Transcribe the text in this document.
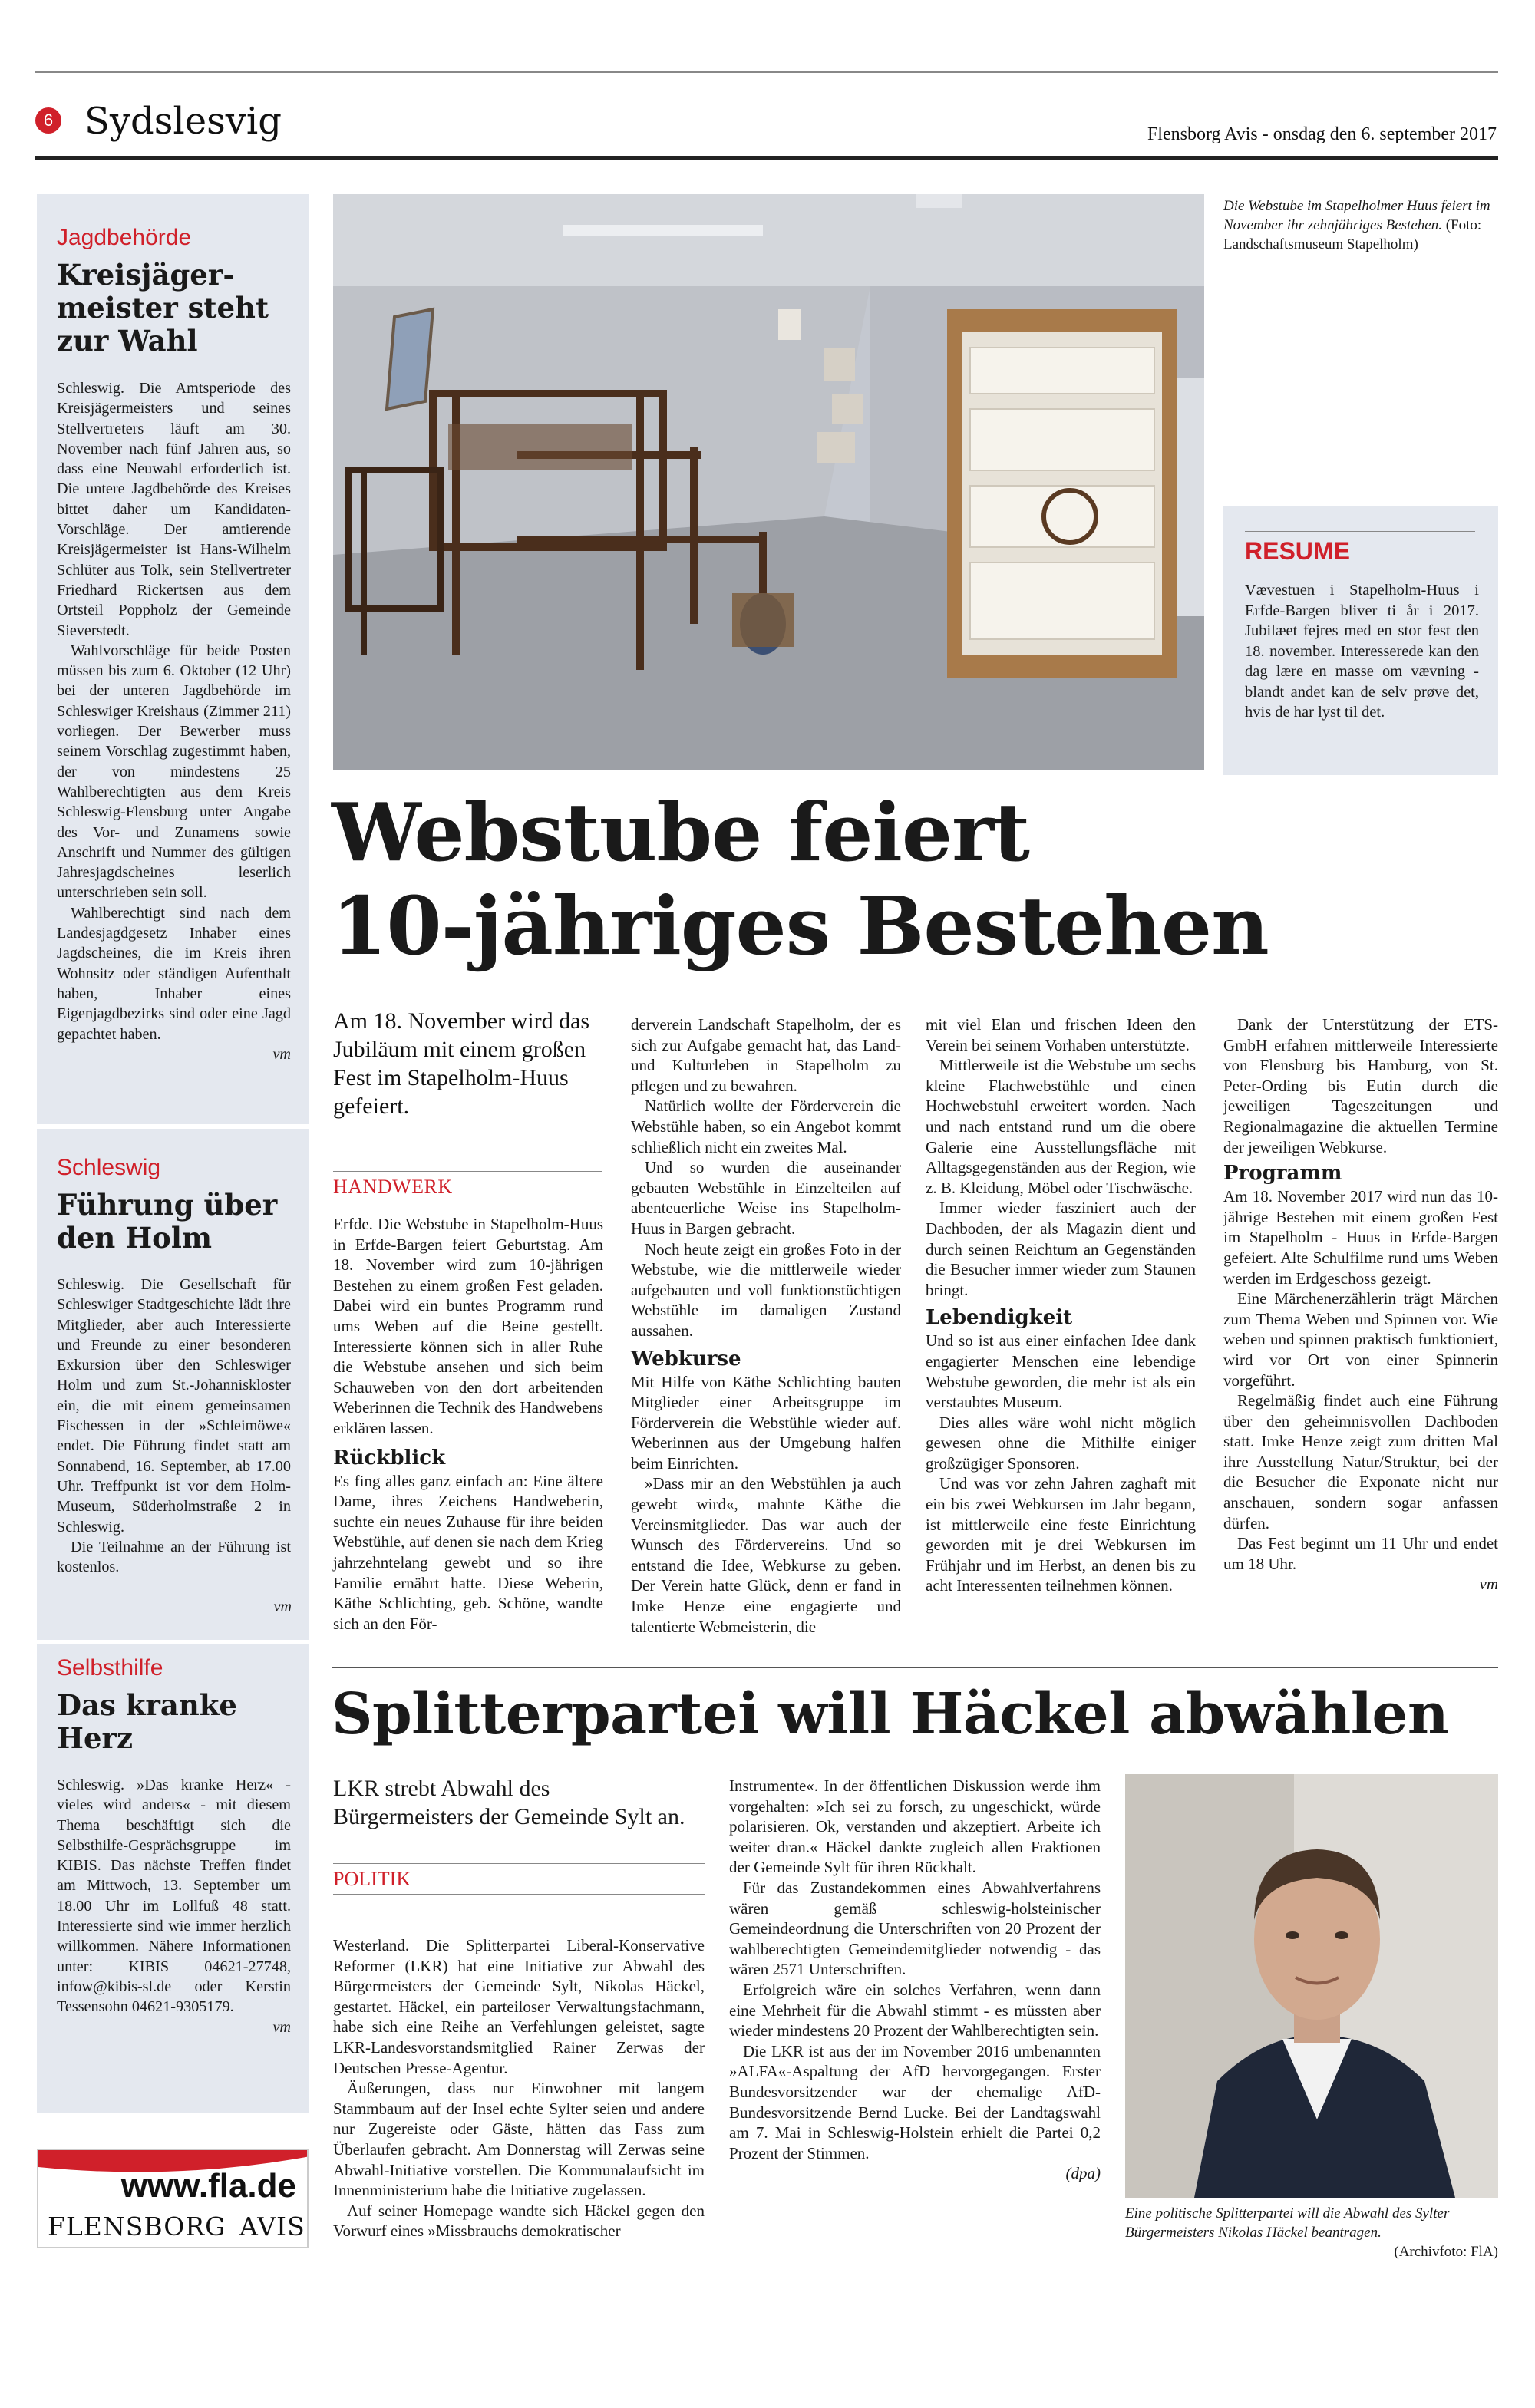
6 Sydslesvig	Flensborg Avis - onsdag den 6. september 2017
Jagdbehörde
Kreisjäger-meister steht zur Wahl
Schleswig. Die Amtsperiode des Kreisjägermeisters und seines Stellvertreters läuft am 30. November nach fünf Jahren aus, so dass eine Neuwahl erforderlich ist. Die untere Jagdbehörde des Kreises bittet daher um Kandidaten-Vorschläge. Der amtierende Kreisjägermeister ist Hans-Wilhelm Schlüter aus Tolk, sein Stellvertreter Friedhard Rickertsen aus dem Ortsteil Poppholz der Gemeinde Sieverstedt.
Wahlvorschläge für beide Posten müssen bis zum 6. Oktober (12 Uhr) bei der unteren Jagdbehörde im Schleswiger Kreishaus (Zimmer 211) vorliegen. Der Bewerber muss seinem Vorschlag zugestimmt haben, der von mindestens 25 Wahlberechtigten aus dem Kreis Schleswig-Flensburg unter Angabe des Vor- und Zunamens sowie Anschrift und Nummer des gültigen Jahresjagdscheines leserlich unterschrieben sein soll.
Wahlberechtigt sind nach dem Landesjagdgesetz Inhaber eines Jagdscheines, die im Kreis ihren Wohnsitz oder ständigen Aufenthalt haben, Inhaber eines Eigenjagdbezirks sind oder eine Jagd gepachtet haben.
vm
Schleswig
Führung über den Holm
Schleswig. Die Gesellschaft für Schleswiger Stadtgeschichte lädt ihre Mitglieder, aber auch Interessierte und Freunde zu einer besonderen Exkursion über den Schleswiger Holm und zum St.-Johanniskloster ein, die mit einem gemeinsamen Fischessen in der »Schleimöwe« endet. Die Führung findet statt am Sonnabend, 16. September, ab 17.00 Uhr. Treffpunkt ist vor dem Holm-Museum, Süderholmstraße 2 in Schleswig.
Die Teilnahme an der Führung ist kostenlos.
vm
Selbsthilfe
Das kranke Herz
Schleswig. »Das kranke Herz« - vieles wird anders« - mit diesem Thema beschäftigt sich die Selbsthilfe-Gesprächsgruppe im KIBIS. Das nächste Treffen findet am Mittwoch, 13. September um 18.00 Uhr im Lollfuß 48 statt. Interessierte sind wie immer herzlich willkommen. Nähere Informationen unter: KIBIS 04621-27748, infow@kibis-sl.de oder Kerstin Tessensohn 04621-9305179.
vm
www.fla.de
FLENSBORG AVIS
Die Webstube im Stapelholmer Huus feiert im November ihr zehnjähriges Bestehen. (Foto: Landschaftsmuseum Stapelholm)
RESUME
Vævestuen i Stapelholm-Huus i Erfde-Bargen bliver ti år i 2017. Jubilæet fejres med en stor fest den 18. november. Interesserede kan den dag lære en masse om vævning - blandt andet kan de selv prøve det, hvis de har lyst til det.
Webstube feiert
10-jähriges Bestehen
Am 18. November wird das Jubiläum mit einem großen Fest im Stapelholm-Huus gefeiert.
HANDWERK
Erfde. Die Webstube in Stapelholm-Huus in Erfde-Bargen feiert Geburtstag. Am 18. November wird zum 10-jährigen Bestehen zu einem großen Fest geladen. Dabei wird ein buntes Programm rund ums Weben auf die Beine gestellt. Interessierte können sich in aller Ruhe die Webstube ansehen und sich beim Schauweben von den dort arbeitenden Weberinnen die Technik des Handwebens erklären lassen.
Rückblick
Es fing alles ganz einfach an: Eine ältere Dame, ihres Zeichens Handweberin, suchte ein neues Zuhause für ihre beiden Webstühle, auf denen sie nach dem Krieg jahrzehntelang gewebt und so ihre Familie ernährt hatte. Diese Weberin, Käthe Schlichting, geb. Schöne, wandte sich an den För-
derverein Landschaft Stapelholm, der es sich zur Aufgabe gemacht hat, das Land- und Kulturleben in Stapelholm zu pflegen und zu bewahren.
Natürlich wollte der Förderverein die Webstühle haben, so ein Angebot kommt schließlich nicht ein zweites Mal.
Und so wurden die auseinander gebauten Webstühle in Einzelteilen auf abenteuerliche Weise ins Stapelholm-Huus in Bargen gebracht.
Noch heute zeigt ein großes Foto in der Webstube, wie die mittlerweile wieder aufgebauten und voll funktionstüchtigen Webstühle im damaligen Zustand aussahen.
Webkurse
Mit Hilfe von Käthe Schlichting bauten Mitglieder einer Arbeitsgruppe im Förderverein die Webstühle wieder auf. Weberinnen aus der Umgebung halfen beim Einrichten.
»Dass mir an den Webstühlen ja auch gewebt wird«, mahnte Käthe die Vereinsmitglieder. Das war auch der Wunsch des Fördervereins. Und so entstand die Idee, Webkurse zu geben. Der Verein hatte Glück, denn er fand in Imke Henze eine engagierte und talentierte Webmeisterin, die
mit viel Elan und frischen Ideen den Verein bei seinem Vorhaben unterstützte.
Mittlerweile ist die Webstube um sechs kleine Flachwebstühle und einen Hochwebstuhl erweitert worden. Nach und nach entstand rund um die obere Galerie eine Ausstellungsfläche mit Alltagsgegenständen aus der Region, wie z. B. Kleidung, Möbel oder Tischwäsche.
Immer wieder fasziniert auch der Dachboden, der als Magazin dient und durch seinen Reichtum an Gegenständen die Besucher immer wieder zum Staunen bringt.
Lebendigkeit
Und so ist aus einer einfachen Idee dank engagierter Menschen eine lebendige Webstube geworden, die mehr ist als ein verstaubtes Museum.
Dies alles wäre wohl nicht möglich gewesen ohne die Mithilfe einiger großzügiger Sponsoren.
Und was vor zehn Jahren zaghaft mit ein bis zwei Webkursen im Jahr begann, ist mittlerweile eine feste Einrichtung geworden mit je drei Webkursen im Frühjahr und im Herbst, an denen bis zu acht Interessenten teilnehmen können.
Dank der Unterstützung der ETS-GmbH erfahren mittlerweile Interessierte von Flensburg bis Hamburg, von St. Peter-Ording bis Eutin durch die jeweiligen Tageszeitungen und Regionalmagazine die aktuellen Termine der jeweiligen Webkurse.
Programm
Am 18. November 2017 wird nun das 10-jährige Bestehen mit einem großen Fest im Stapelholm - Huus in Erfde-Bargen gefeiert. Alte Schulfilme rund ums Weben werden im Erdgeschoss gezeigt.
Eine Märchenerzählerin trägt Märchen zum Thema Weben und Spinnen vor. Wie weben und spinnen praktisch funktioniert, wird vor Ort von einer Spinnerin vorgeführt.
Regelmäßig findet auch eine Führung über den geheimnisvollen Dachboden statt. Imke Henze zeigt zum dritten Mal ihre Ausstellung Natur/Struktur, bei der die Besucher die Exponate nicht nur anschauen, sondern sogar anfassen dürfen.
Das Fest beginnt um 11 Uhr und endet um 18 Uhr.
vm
Splitterpartei will Häckel abwählen
LKR strebt Abwahl des Bürgermeisters der Gemeinde Sylt an.
POLITIK
Westerland. Die Splitterpartei Liberal-Konservative Reformer (LKR) hat eine Initiative zur Abwahl des Bürgermeisters der Gemeinde Sylt, Nikolas Häckel, gestartet. Häckel, ein parteiloser Verwaltungsfachmann, habe sich eine Reihe an Verfehlungen geleistet, sagte LKR-Landesvorstandsmitglied Rainer Zerwas der Deutschen Presse-Agentur.
Äußerungen, dass nur Einwohner mit langem Stammbaum auf der Insel echte Sylter seien und andere nur Zugereiste oder Gäste, hätten das Fass zum Überlaufen gebracht. Am Donnerstag will Zerwas seine Abwahl-Initiative vorstellen. Die Kommunalaufsicht im Innenministerium habe die Initiative zugelassen.
Auf seiner Homepage wandte sich Häckel gegen den Vorwurf eines »Missbrauchs demokratischer
Instrumente«. In der öffentlichen Diskussion werde ihm vorgehalten: »Ich sei zu forsch, zu ungeschickt, würde polarisieren. Ok, verstanden und akzeptiert. Arbeite ich weiter dran.« Häckel dankte zugleich allen Fraktionen der Gemeinde Sylt für ihren Rückhalt.
Für das Zustandekommen eines Abwahlverfahrens wären gemäß schleswig-holsteinischer Gemeindeordnung die Unterschriften von 20 Prozent der wahlberechtigten Gemeindemitglieder notwendig - das wären 2571 Unterschriften.
Erfolgreich wäre ein solches Verfahren, wenn dann eine Mehrheit für die Abwahl stimmt - es müssten aber wieder mindestens 20 Prozent der Wahlberechtigten sein.
Die LKR ist aus der im November 2016 umbenannten »ALFA«-Aspaltung der AfD hervorgegangen. Erster Bundesvorsitzender war der ehemalige AfD-Bundesvorsitzende Bernd Lucke. Bei der Landtagswahl am 7. Mai in Schleswig-Holstein erhielt die Partei 0,2 Prozent der Stimmen.
(dpa)
Eine politische Splitterpartei will die Abwahl des Sylter Bürgermeisters Nikolas Häckel beantragen.
(Archivfoto: FlA)
